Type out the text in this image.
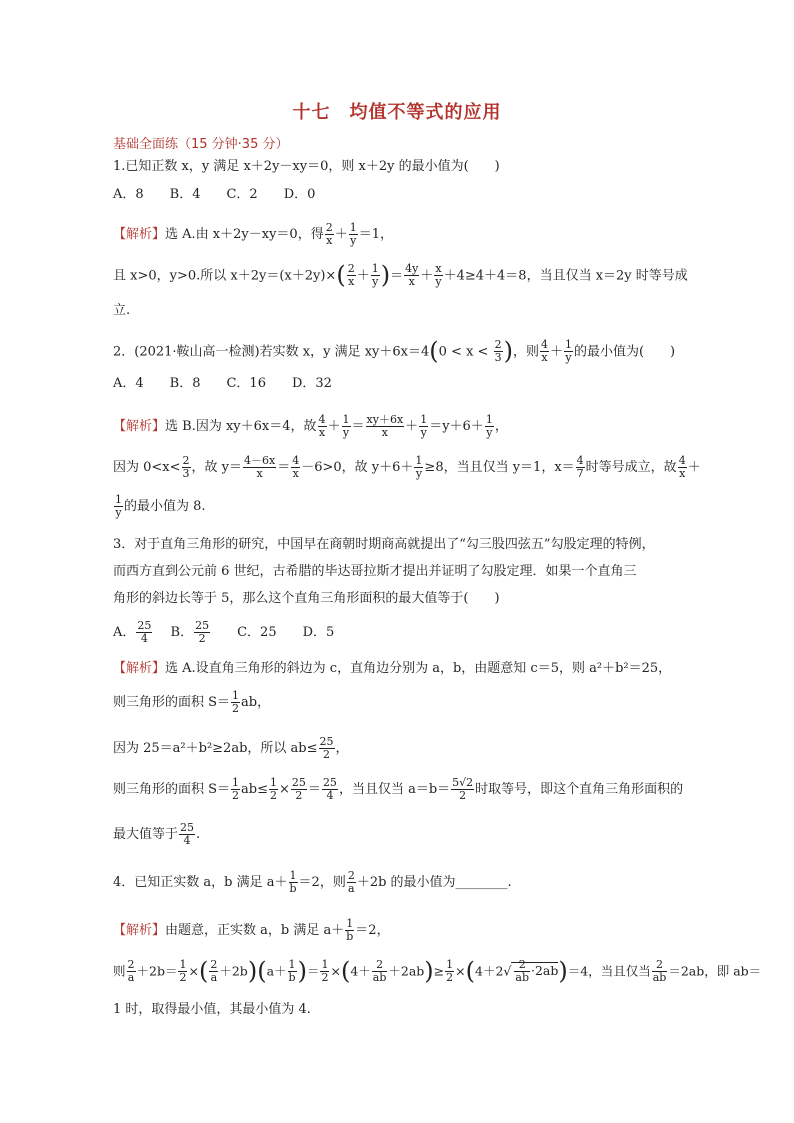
十七　均值不等式的应用
基础全面练（15 分钟·35 分）
1.已知正数 x，y 满足 x＋2y－xy＝0，则 x＋2y 的最小值为(　　)
A．8　　B．4　　C．2　　D．0
【解析】选 A.由 x＋2y－xy＝0，得 $\frac{2}{x} + \frac{1}{y} =1$，
且 x>0，y>0.所以 $x+2y=(x+2y)\times( \frac{2}{x} + \frac{1}{y}$ )＝ $\frac{4y}{x} + \frac{x}{y} +4\ge 4+4=8$，当且仅当 x＝2y 时等号成
立.
2．(2021·鞍山高一检测)若实数 x，y 满足 $xy+6x=4(0 < x < \frac{2}{3}$ )，则 $\frac{4}{x} + \frac{1}{y}$ 的最小值为(　　)
A．4　　B．8　　C．16　　D．32
【解析】选 B.因为 xy＋6x＝4，故 $\frac{4}{x} + \frac{1}{y} = \frac{xy+6x}{x} + \frac{1}{y} =y+6+ \frac{1}{y}$ ，
因为 $0<x< \frac{2}{3}$ ，故 $y= \frac{4-6x}{x} = \frac{4}{x} -6>0$，故 $y+6+ \frac{1}{y} \ge 8$，当且仅当 y＝1，$x= \frac{4}{7}$ 时等号成立，故 $\frac{4}{x}$ ＋
$\frac{1}{y}$ 的最小值为 8.
3．对于直角三角形的研究，中国早在商朝时期商高就提出了“勾三股四弦五”勾股定理的特例，
而西方直到公元前 6 世纪，古希腊的毕达哥拉斯才提出并证明了勾股定理．如果一个直角三
角形的斜边长等于 5，那么这个直角三角形面积的最大值等于(　　)
A． $\frac{25}{4}$
　 B． $\frac{25}{2}$
　　 C．25　　D．5
【解析】选 A.设直角三角形的斜边为 c，直角边分别为 a，b，由题意知 c＝5，则 a²＋b²＝25，
则三角形的面积 $S= \frac{1}{2}$ ab，
因为 25＝a²＋b²≥2ab，所以 $ab\le \frac{25}{2}$ ，
则三角形的面积 $S= \frac{1}{2} ab\le \frac{1}{2} \times \frac{25}{2} = \frac{25}{4}$ ，当且仅当 $a=b= \frac{5√2}{2}$ 时取等号，即这个直角三角形面积的
最大值等于 $\frac{25}{4}$ .
4．已知正实数 a，b 满足 $a+ \frac{1}{b} =2$，则 $\frac{2}{a} +2b$ 的最小值为________.
【解析】由题意，正实数 a，b 满足 $a+ \frac{1}{b} =2$，
则 $\frac{2}{a} +2b= \frac{1}{2}$ ×( $\frac{2}{a} +2b)(a+ \frac{1}{b}$ )＝ $\frac{1}{2} \times(4+ \frac{2}{ab} +2ab)\ge \frac{1}{2} \times(4+2√ \frac{2}{ab} \cdot 2ab)=4$，当且仅当 $\frac{2}{ab} =2ab$，即 ab＝
1 时，取得最小值，其最小值为 4.
